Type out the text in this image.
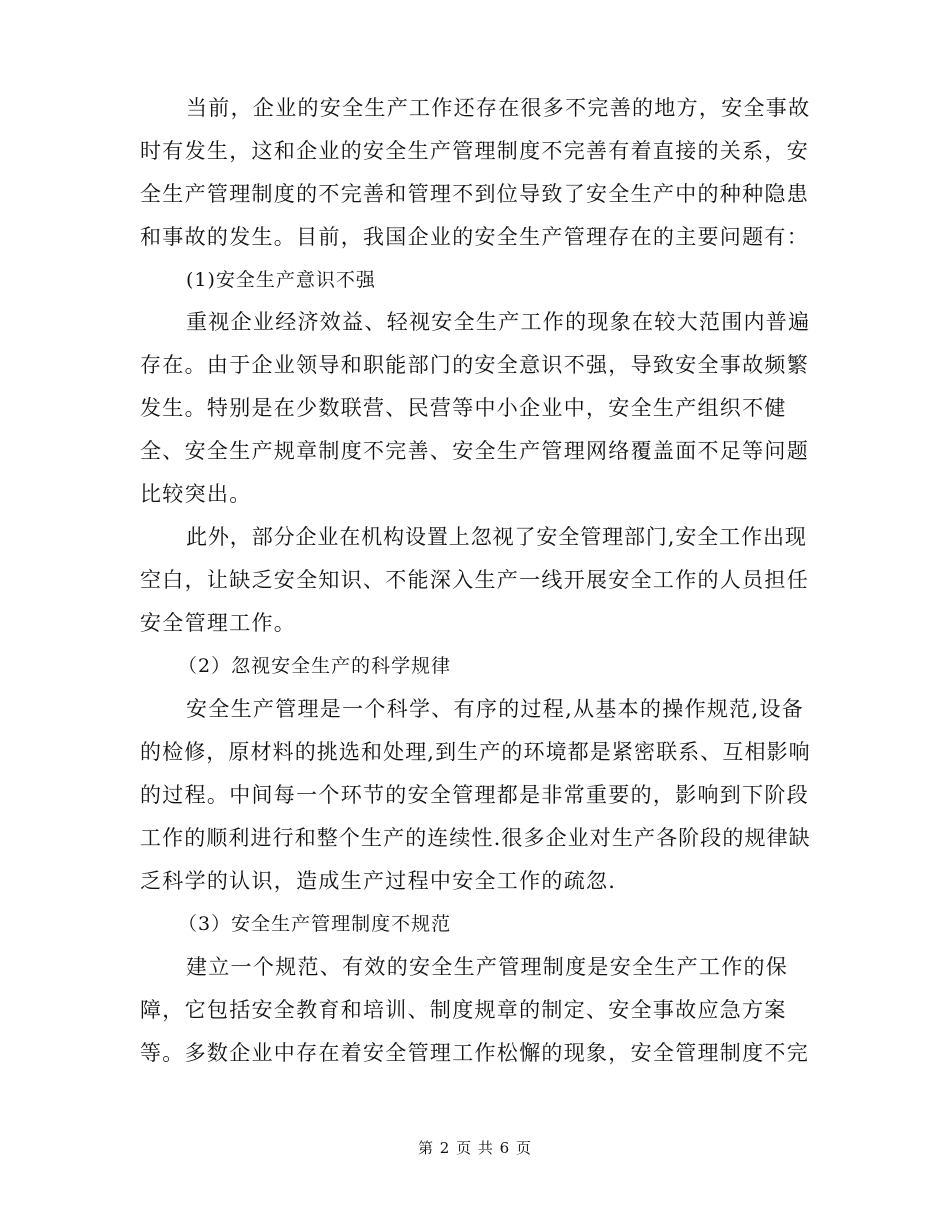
当前，企业的安全生产工作还存在很多不完善的地方，安全事故
时有发生，这和企业的安全生产管理制度不完善有着直接的关系，安
全生产管理制度的不完善和管理不到位导致了安全生产中的种种隐患
和事故的发生。目前，我国企业的安全生产管理存在的主要问题有：
(1)安全生产意识不强
重视企业经济效益、轻视安全生产工作的现象在较大范围内普遍
存在。由于企业领导和职能部门的安全意识不强，导致安全事故频繁
发生。特别是在少数联营、民营等中小企业中，安全生产组织不健
全、安全生产规章制度不完善、安全生产管理网络覆盖面不足等问题
比较突出。
此外，部分企业在机构设置上忽视了安全管理部门,安全工作出现
空白，让缺乏安全知识、不能深入生产一线开展安全工作的人员担任
安全管理工作。
（2）忽视安全生产的科学规律
安全生产管理是一个科学、有序的过程,从基本的操作规范,设备
的检修，原材料的挑选和处理,到生产的环境都是紧密联系、互相影响
的过程。中间每一个环节的安全管理都是非常重要的，影响到下阶段
工作的顺利进行和整个生产的连续性.很多企业对生产各阶段的规律缺
乏科学的认识，造成生产过程中安全工作的疏忽.
（3）安全生产管理制度不规范
建立一个规范、有效的安全生产管理制度是安全生产工作的保
障，它包括安全教育和培训、制度规章的制定、安全事故应急方案
等。多数企业中存在着安全管理工作松懈的现象，安全管理制度不完
第 2 页 共 6 页
